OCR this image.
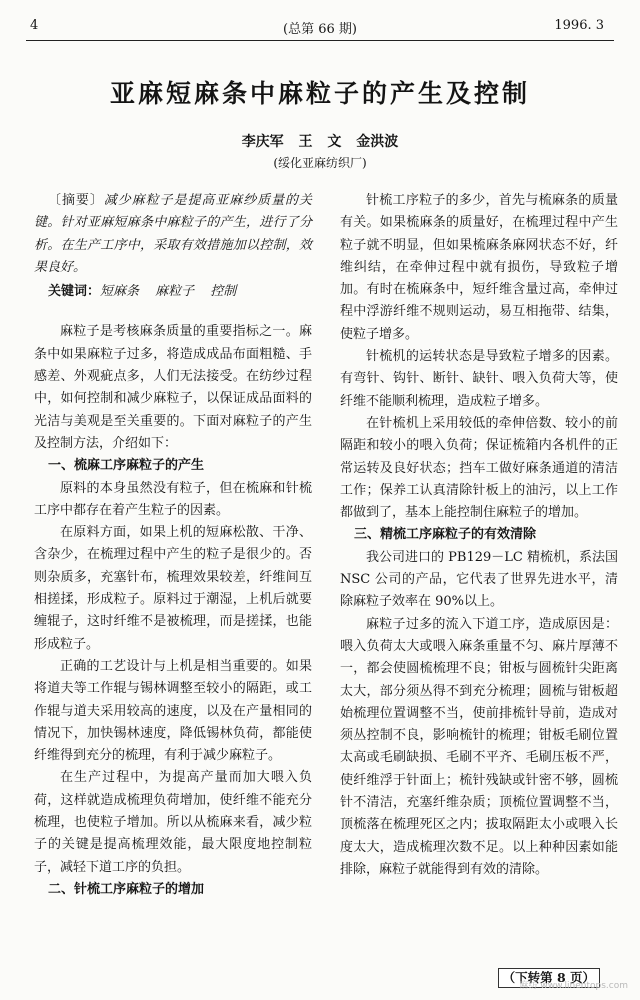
4	(总第 66 期)	1996. 3
亚麻短麻条中麻粒子的产生及控制
李庆军 王 文 金洪波
(绥化亚麻纺织厂)

〔摘要〕减少麻粒子是提高亚麻纱质量的关键。针对亚麻短麻条中麻粒子的产生，进行了分析。在生产工序中，采取有效措施加以控制，效果良好。

关键词：短麻条 麻粒子 控制

麻粒子是考核麻条质量的重要指标之一。麻条中如果麻粒子过多，将造成成品布面粗糙、手感差、外观疵点多，人们无法接受。在纺纱过程中，如何控制和减少麻粒子，以保证成品面料的光洁与美观是至关重要的。下面对麻粒子的产生及控制方法，介绍如下：

一、梳麻工序麻粒子的产生

原料的本身虽然没有粒子，但在梳麻和针梳工序中都存在着产生粒子的因素。

在原料方面，如果上机的短麻松散、干净、含杂少，在梳理过程中产生的粒子是很少的。否则杂质多，充塞针布，梳理效果较差，纤维间互相搓揉，形成粒子。原料过于潮湿，上机后就要缠辊子，这时纤维不是被梳理，而是搓揉，也能形成粒子。

正确的工艺设计与上机是相当重要的。如果将道夫等工作辊与锡林调整至较小的隔距，或工作辊与道夫采用较高的速度，以及在产量相同的情况下，加快锡林速度，降低锡林负荷，都能使纤维得到充分的梳理，有利于减少麻粒子。

在生产过程中，为提高产量而加大喂入负荷，这样就造成梳理负荷增加，使纤维不能充分梳理，也使粒子增加。所以从梳麻来看，减少粒子的关键是提高梳理效能，最大限度地控制粒子，减轻下道工序的负担。

二、针梳工序麻粒子的增加

针梳工序粒子的多少，首先与梳麻条的质量有关。如果梳麻条的质量好，在梳理过程中产生粒子就不明显，但如果梳麻条麻网状态不好，纤维纠结，在牵伸过程中就有损伤，导致粒子增加。有时在梳麻条中，短纤维含量过高，牵伸过程中浮游纤维不规则运动，易互相拖带、结集，使粒子增多。

针梳机的运转状态是导致粒子增多的因素。有弯针、钩针、断针、缺针、喂入负荷大等，使纤维不能顺利梳理，造成粒子增多。

在针梳机上采用较低的牵伸倍数、较小的前隔距和较小的喂入负荷；保证梳箱内各机件的正常运转及良好状态；挡车工做好麻条通道的清洁工作；保养工认真清除针板上的油污，以上工作都做到了，基本上能控制住麻粒子的增加。

三、精梳工序麻粒子的有效清除

我公司进口的 PB129－LC 精梳机，系法国 NSC 公司的产品，它代表了世界先进水平，清除麻粒子效率在 90%以上。

麻粒子过多的流入下道工序，造成原因是：喂入负荷太大或喂入麻条重量不匀、麻片厚薄不一，都会使圆梳梳理不良；钳板与圆梳针尖距离太大，部分须丛得不到充分梳理；圆梳与钳板超始梳理位置调整不当，使前排梳针导前，造成对须丛控制不良，影响梳针的梳理；钳板毛刷位置太高或毛刷缺损、毛刷不平齐、毛刷压板不严，使纤维浮于针面上；梳针残缺或针密不够，圆梳针不清洁，充塞纤维杂质；顶梳位置调整不当，顶梳落在梳理死区之内；拔取隔距太小或喂入长度太大，造成梳理次数不足。以上种种因素如能排除，麻粒子就能得到有效的清除。

（下转第 8 页）
麻纺 www.linentops.com
